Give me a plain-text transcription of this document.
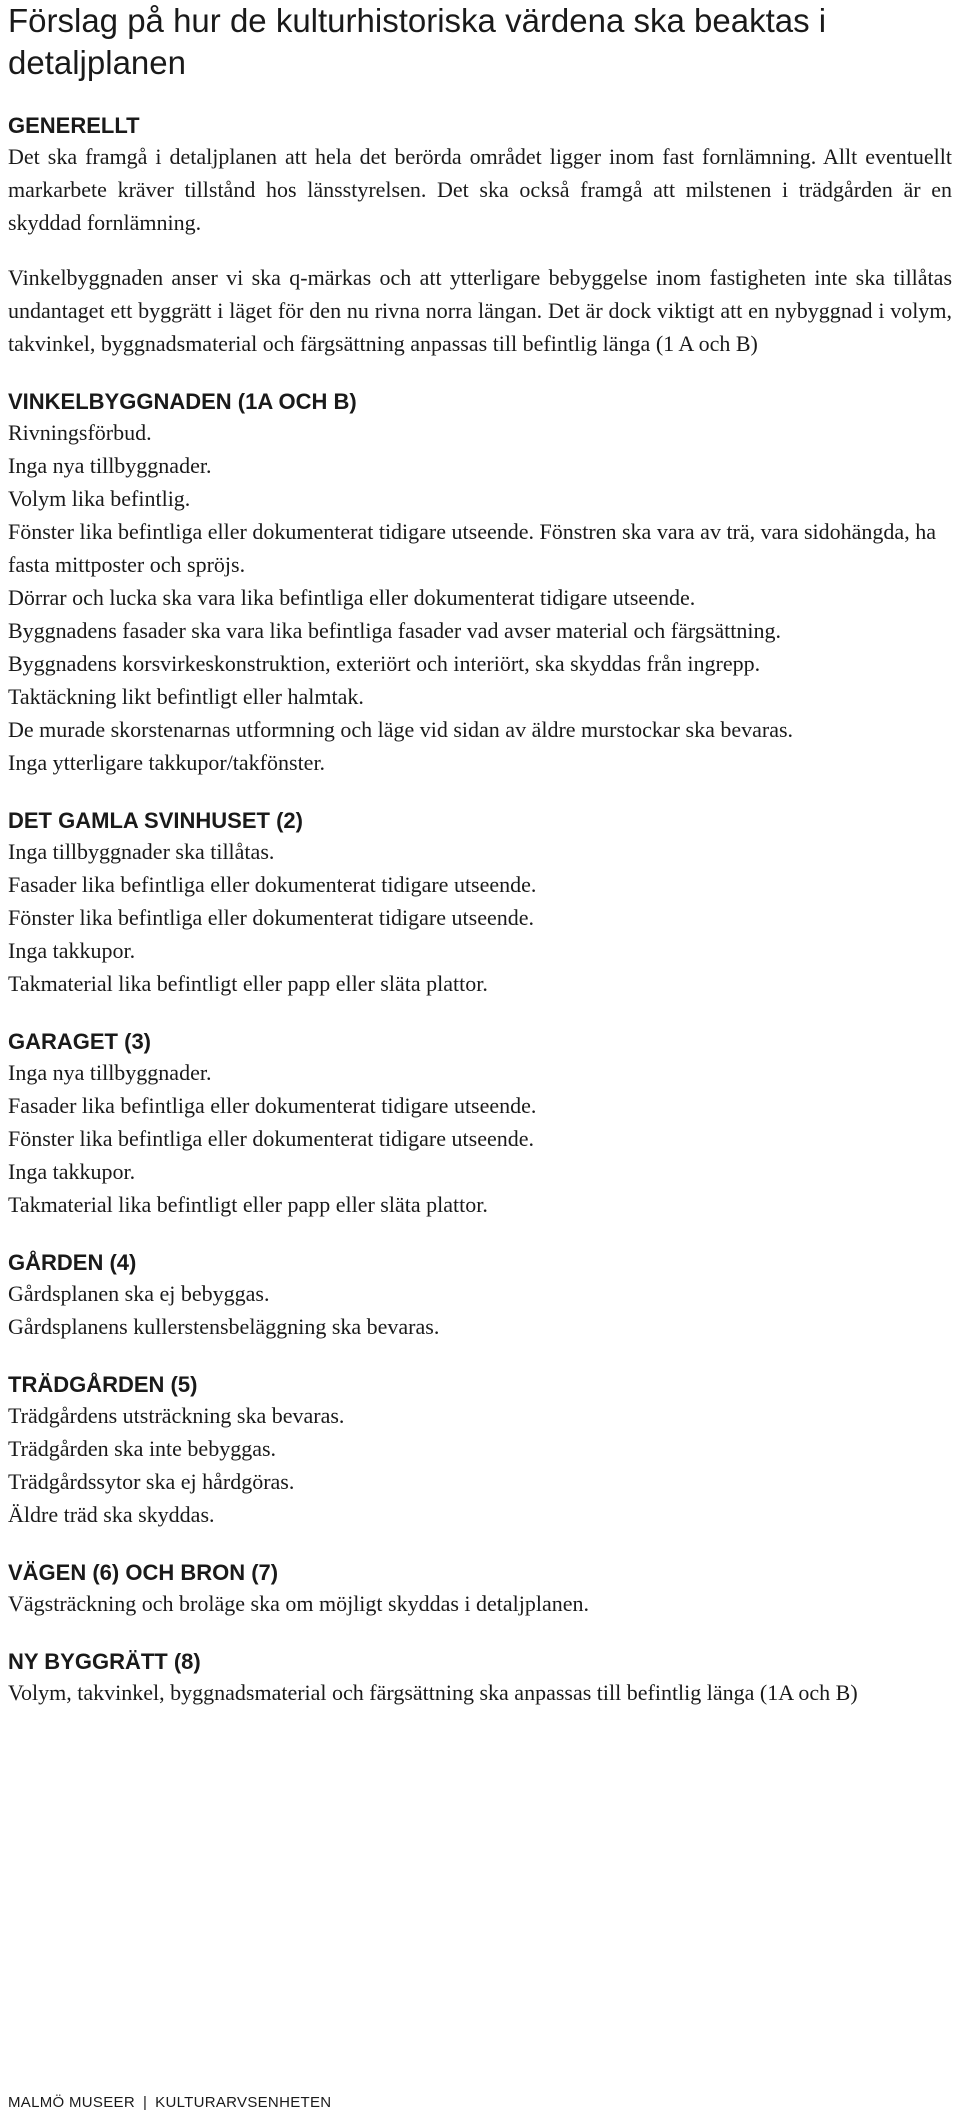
Förslag på hur de kulturhistoriska värdena ska beaktas i detaljplanen
GENERELLT

Det ska framgå i detaljplanen att hela det berörda området ligger inom fast fornlämning. Allt eventuellt markarbete kräver tillstånd hos länsstyrelsen. Det ska också framgå att milstenen i trädgården är en skyddad fornlämning.

Vinkelbyggnaden anser vi ska q-märkas och att ytterligare bebyggelse inom fastigheten inte ska tillåtas undantaget ett byggrätt i läget för den nu rivna norra längan. Det är dock viktigt att en nybyggnad i volym, takvinkel, byggnadsmaterial och färgsättning anpassas till befintlig länga (1 A och B)

VINKELBYGGNADEN (1A OCH B)

Rivningsförbud.

Inga nya tillbyggnader.

Volym lika befintlig.

Fönster lika befintliga eller dokumenterat tidigare utseende. Fönstren ska vara av trä, vara sidohängda, ha fasta mittposter och spröjs.

Dörrar och lucka ska vara lika befintliga eller dokumenterat tidigare utseende.

Byggnadens fasader ska vara lika befintliga fasader vad avser material och färgsättning.

Byggnadens korsvirkeskonstruktion, exteriört och interiört, ska skyddas från ingrepp.

Taktäckning likt befintligt eller halmtak.

De murade skorstenarnas utformning och läge vid sidan av äldre murstockar ska bevaras.

Inga ytterligare takkupor/takfönster.

DET GAMLA SVINHUSET (2)

Inga tillbyggnader ska tillåtas.

Fasader lika befintliga eller dokumenterat tidigare utseende.

Fönster lika befintliga eller dokumenterat tidigare utseende.

Inga takkupor.

Takmaterial lika befintligt eller papp eller släta plattor.

GARAGET (3)

Inga nya tillbyggnader.

Fasader lika befintliga eller dokumenterat tidigare utseende.

Fönster lika befintliga eller dokumenterat tidigare utseende.

Inga takkupor.

Takmaterial lika befintligt eller papp eller släta plattor.

GÅRDEN (4)

Gårdsplanen ska ej bebyggas.

Gårdsplanens kullerstensbeläggning ska bevaras.

TRÄDGÅRDEN (5)

Trädgårdens utsträckning ska bevaras.

Trädgården ska inte bebyggas.

Trädgårdssytor ska ej hårdgöras.

Äldre träd ska skyddas.

VÄGEN (6) OCH BRON (7)

Vägsträckning och broläge ska om möjligt skyddas i detaljplanen.

NY BYGGRÄTT (8)

Volym, takvinkel, byggnadsmaterial och färgsättning ska anpassas till befintlig länga (1A och B)

MALMÖ MUSEER | KULTURARVSENHETEN
